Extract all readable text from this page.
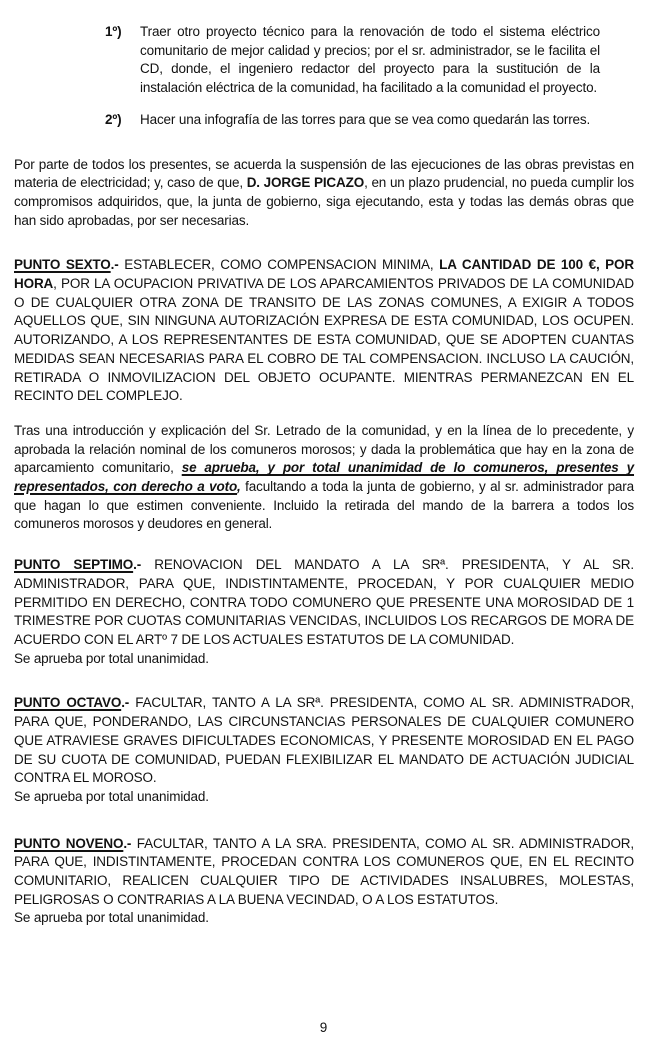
1º)	Traer otro proyecto técnico para la renovación de todo el sistema eléctrico comunitario de mejor calidad y precios; por el sr. administrador, se le facilita el CD, donde, el ingeniero redactor del proyecto para la sustitución de la instalación eléctrica de la comunidad, ha facilitado a la comunidad el proyecto.
2º)	Hacer una infografía de las torres para que se vea como quedarán las torres.

Por parte de todos los presentes, se acuerda la suspensión de las ejecuciones de las obras previstas en materia de electricidad; y, caso de que, D. JORGE PICAZO, en un plazo prudencial, no pueda cumplir los compromisos adquiridos, que, la junta de gobierno, siga ejecutando, esta y todas las demás obras que han sido aprobadas, por ser necesarias.

PUNTO SEXTO.- ESTABLECER, COMO COMPENSACION MINIMA, LA CANTIDAD DE 100 €, POR HORA, POR LA OCUPACION PRIVATIVA DE LOS APARCAMIENTOS PRIVADOS DE LA COMUNIDAD O DE CUALQUIER OTRA ZONA DE TRANSITO DE LAS ZONAS COMUNES, A EXIGIR A TODOS AQUELLOS QUE, SIN NINGUNA AUTORIZACIÓN EXPRESA DE ESTA COMUNIDAD, LOS OCUPEN. AUTORIZANDO, A LOS REPRESENTANTES DE ESTA COMUNIDAD, QUE SE ADOPTEN CUANTAS MEDIDAS SEAN NECESARIAS PARA EL COBRO DE TAL COMPENSACION. INCLUSO LA CAUCIÓN, RETIRADA O INMOVILIZACION DEL OBJETO OCUPANTE. MIENTRAS PERMANEZCAN EN EL RECINTO DEL COMPLEJO.

Tras una introducción y explicación del Sr. Letrado de la comunidad, y en la línea de lo precedente, y aprobada la relación nominal de los comuneros morosos; y dada la problemática que hay en la zona de aparcamiento comunitario, se aprueba, y por total unanimidad de lo comuneros, presentes y representados, con derecho a voto, facultando a toda la junta de gobierno, y al sr. administrador para que hagan lo que estimen conveniente. Incluido la retirada del mando de la barrera a todos los comuneros morosos y deudores en general.

PUNTO SEPTIMO.- RENOVACION DEL MANDATO A LA SRª. PRESIDENTA, Y AL SR. ADMINISTRADOR, PARA QUE, INDISTINTAMENTE, PROCEDAN, Y POR CUALQUIER MEDIO PERMITIDO EN DERECHO, CONTRA TODO COMUNERO QUE PRESENTE UNA MOROSIDAD DE 1 TRIMESTRE POR CUOTAS COMUNITARIAS VENCIDAS, INCLUIDOS LOS RECARGOS DE MORA DE ACUERDO CON EL ARTº 7 DE LOS ACTUALES ESTATUTOS DE LA COMUNIDAD.

Se aprueba por total unanimidad.

PUNTO OCTAVO.- FACULTAR, TANTO A LA SRª. PRESIDENTA, COMO AL SR. ADMINISTRADOR, PARA QUE, PONDERANDO, LAS CIRCUNSTANCIAS PERSONALES DE CUALQUIER COMUNERO QUE ATRAVIESE GRAVES DIFICULTADES ECONOMICAS, Y PRESENTE MOROSIDAD EN EL PAGO DE SU CUOTA DE COMUNIDAD, PUEDAN FLEXIBILIZAR EL MANDATO DE ACTUACIÓN JUDICIAL CONTRA EL MOROSO.

Se aprueba por total unanimidad.

PUNTO NOVENO.- FACULTAR, TANTO A LA SRA. PRESIDENTA, COMO AL SR. ADMINISTRADOR, PARA QUE, INDISTINTAMENTE, PROCEDAN CONTRA LOS COMUNEROS QUE, EN EL RECINTO COMUNITARIO, REALICEN CUALQUIER TIPO DE ACTIVIDADES INSALUBRES, MOLESTAS, PELIGROSAS O CONTRARIAS A LA BUENA VECINDAD, O A LOS ESTATUTOS.

Se aprueba por total unanimidad.

9
